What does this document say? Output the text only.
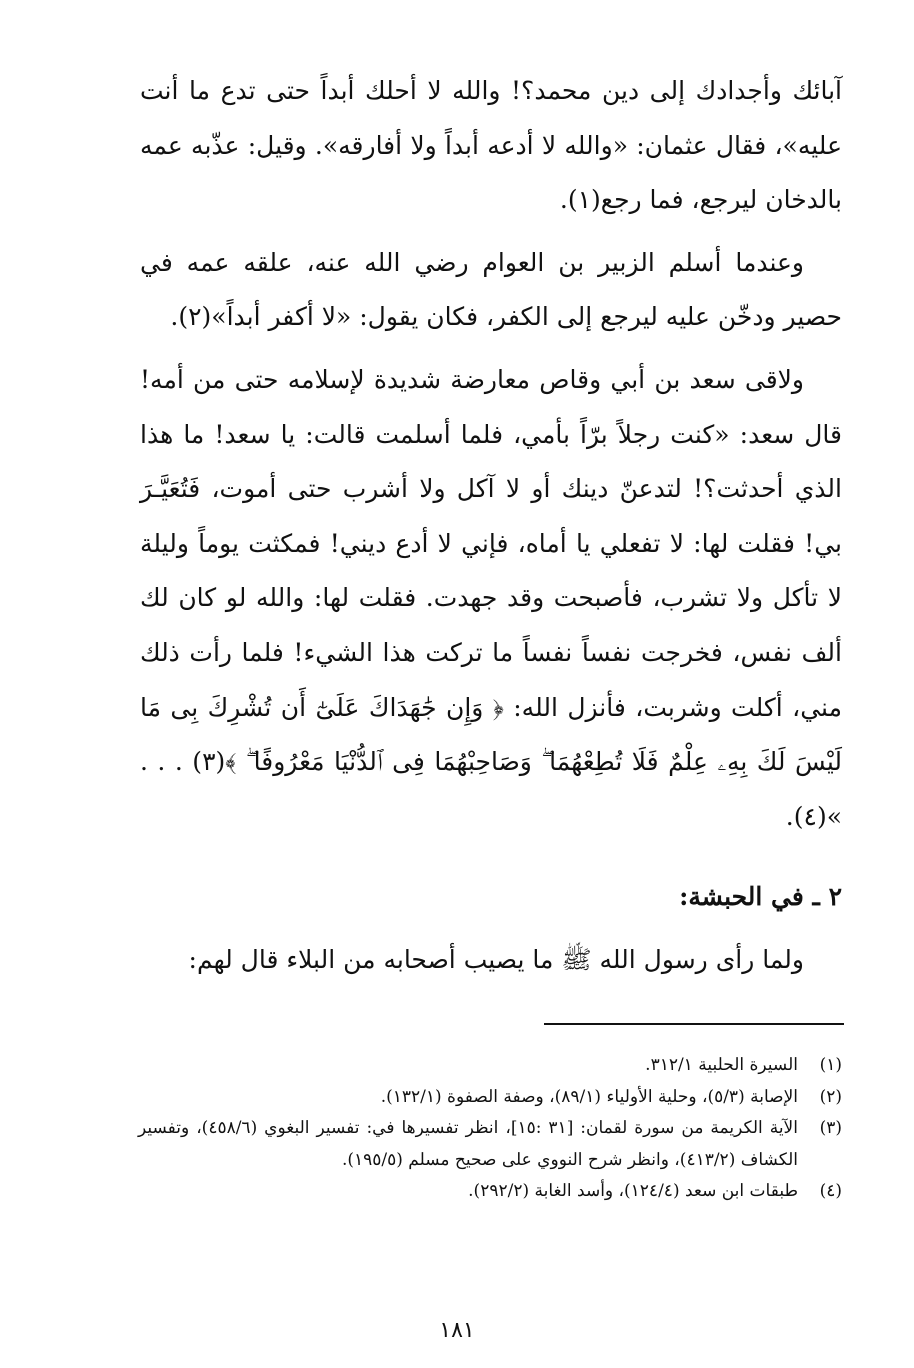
آبائك وأجدادك إلى دين محمد؟! والله لا أحلك أبداً حتى تدع ما أنت عليه»، فقال عثمان: «والله لا أدعه أبداً ولا أفارقه». وقيل: عذّبه عمه بالدخان ليرجع، فما رجع(١).

وعندما أسلم الزبير بن العوام رضي الله عنه، علقه عمه في حصير ودخّن عليه ليرجع إلى الكفر، فكان يقول: «لا أكفر أبداً»(٢).

ولاقى سعد بن أبي وقاص معارضة شديدة لإسلامه حتى من أمه! قال سعد: «كنت رجلاً برّاً بأمي، فلما أسلمت قالت: يا سعد! ما هذا الذي أحدثت؟! لتدعنّ دينك أو لا آكل ولا أشرب حتى أموت، فَتُعَيَّـرَ بي! فقلت لها: لا تفعلي يا أماه، فإني لا أدع ديني! فمكثت يوماً وليلة لا تأكل ولا تشرب، فأصبحت وقد جهدت. فقلت لها: والله لو كان لك ألف نفس، فخرجت نفساً نفساً ما تركت هذا الشيء! فلما رأت ذلك مني، أكلت وشربت، فأنزل الله: ﴿ وَإِن جَٰهَدَاكَ عَلَىٰٓ أَن تُشْرِكَ بِى مَا لَيْسَ لَكَ بِهِۦ عِلْمٌ فَلَا تُطِعْهُمَا ۖ وَصَاحِبْهُمَا فِى ٱلدُّنْيَا مَعْرُوفًا ۖ ﴾(٣) . . . »(٤).

٢ ـ في الحبشة:

ولما رأى رسول الله ﷺ ما يصيب أصحابه من البلاء قال لهم:

(١)
السيرة الحلبية ٣١٢/١.
(٢)
الإصابة (٥/٣)، وحلية الأولياء (٨٩/١)، وصفة الصفوة (١٣٢/١).
(٣)
الآية الكريمة من سورة لقمان: [٣١ :١٥]، انظر تفسيرها في: تفسير البغوي (٤٥٨/٦)، وتفسير الكشاف (٤١٣/٢)، وانظر شرح النووي على صحيح مسلم (١٩٥/٥).
(٤)
طبقات ابن سعد (١٢٤/٤)، وأسد الغابة (٢٩٢/٢).
١٨١
